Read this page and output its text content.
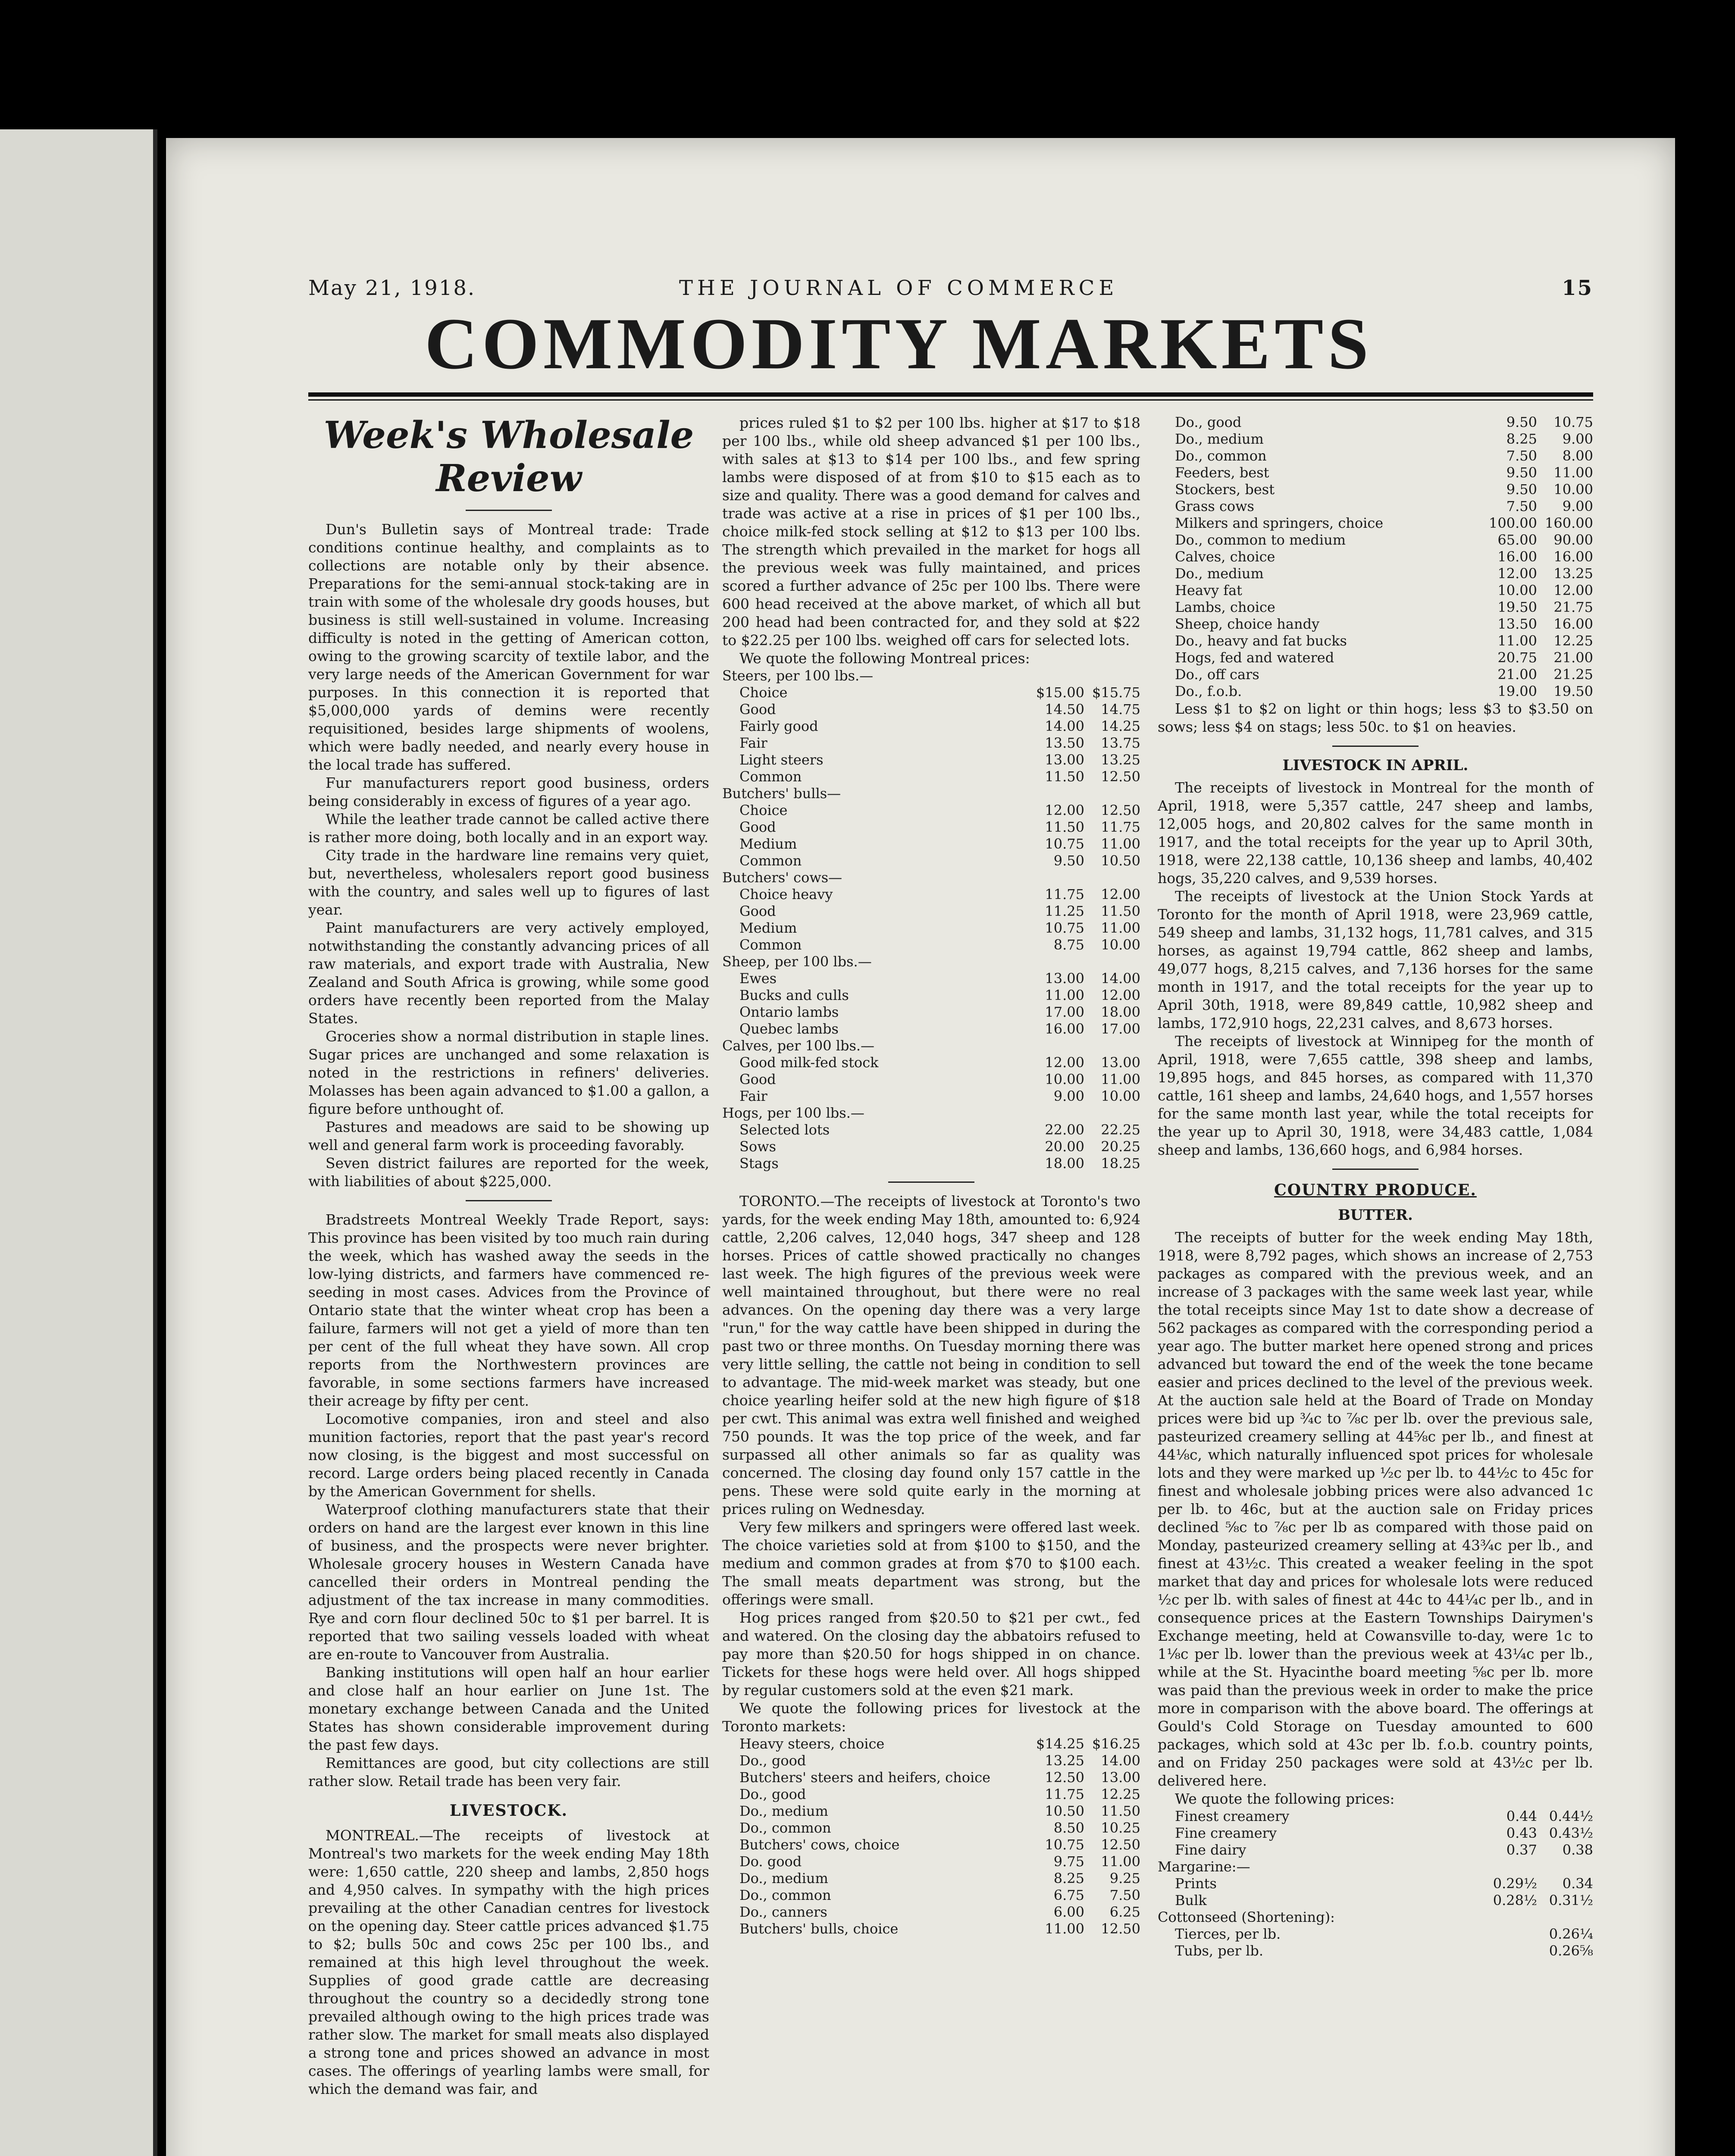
May 21, 1918.	THE JOURNAL OF COMMERCE	15
COMMODITY MARKETS
Week's Wholesale Review

Dun's Bulletin says of Montreal trade: Trade conditions continue healthy, and complaints as to collections are notable only by their absence. Preparations for the semi-annual stock-taking are in train with some of the wholesale dry goods houses, but business is still well-sustained in volume. Increasing difficulty is noted in the getting of American cotton, owing to the growing scarcity of textile labor, and the very large needs of the American Government for war purposes. In this connection it is reported that $5,000,000 yards of demins were recently requisitioned, besides large shipments of woolens, which were badly needed, and nearly every house in the local trade has suffered.

Fur manufacturers report good business, orders being considerably in excess of figures of a year ago.

While the leather trade cannot be called active there is rather more doing, both locally and in an export way.

City trade in the hardware line remains very quiet, but, nevertheless, wholesalers report good business with the country, and sales well up to figures of last year.

Paint manufacturers are very actively employed, notwithstanding the constantly advancing prices of all raw materials, and export trade with Australia, New Zealand and South Africa is growing, while some good orders have recently been reported from the Malay States.

Groceries show a normal distribution in staple lines. Sugar prices are unchanged and some relaxation is noted in the restrictions in refiners' deliveries. Molasses has been again advanced to $1.00 a gallon, a figure before unthought of.

Pastures and meadows are said to be showing up well and general farm work is proceeding favorably.

Seven district failures are reported for the week, with liabilities of about $225,000.

Bradstreets Montreal Weekly Trade Report, says: This province has been visited by too much rain during the week, which has washed away the seeds in the low-lying districts, and farmers have commenced re-seeding in most cases. Advices from the Province of Ontario state that the winter wheat crop has been a failure, farmers will not get a yield of more than ten per cent of the full wheat they have sown. All crop reports from the Northwestern provinces are favorable, in some sections farmers have increased their acreage by fifty per cent.

Locomotive companies, iron and steel and also munition factories, report that the past year's record now closing, is the biggest and most successful on record. Large orders being placed recently in Canada by the American Government for shells.

Waterproof clothing manufacturers state that their orders on hand are the largest ever known in this line of business, and the prospects were never brighter. Wholesale grocery houses in Western Canada have cancelled their orders in Montreal pending the adjustment of the tax increase in many commodities. Rye and corn flour declined 50c to $1 per barrel. It is reported that two sailing vessels loaded with wheat are en-route to Vancouver from Australia.

Banking institutions will open half an hour earlier and close half an hour earlier on June 1st. The monetary exchange between Canada and the United States has shown considerable improvement during the past few days.

Remittances are good, but city collections are still rather slow. Retail trade has been very fair.

LIVESTOCK.

MONTREAL.—The receipts of livestock at Montreal's two markets for the week ending May 18th were: 1,650 cattle, 220 sheep and lambs, 2,850 hogs and 4,950 calves. In sympathy with the high prices prevailing at the other Canadian centres for livestock on the opening day. Steer cattle prices advanced $1.75 to $2; bulls 50c and cows 25c per 100 lbs., and remained at this high level throughout the week. Supplies of good grade cattle are decreasing throughout the country so a decidedly strong tone prevailed although owing to the high prices trade was rather slow. The market for small meats also displayed a strong tone and prices showed an advance in most cases. The offerings of yearling lambs were small, for which the demand was fair, and

prices ruled $1 to $2 per 100 lbs. higher at $17 to $18 per 100 lbs., while old sheep advanced $1 per 100 lbs., with sales at $13 to $14 per 100 lbs., and few spring lambs were disposed of at from $10 to $15 each as to size and quality. There was a good demand for calves and trade was active at a rise in prices of $1 per 100 lbs., choice milk-fed stock selling at $12 to $13 per 100 lbs. The strength which prevailed in the market for hogs all the previous week was fully maintained, and prices scored a further advance of 25c per 100 lbs. There were 600 head received at the above market, of which all but 200 head had been contracted for, and they sold at $22 to $22.25 per 100 lbs. weighed off cars for selected lots.

We quote the following Montreal prices:

Steers, per 100 lbs.—		
Choice	$15.00	$15.75
Good	14.50	14.75
Fairly good	14.00	14.25
Fair	13.50	13.75
Light steers	13.00	13.25
Common	11.50	12.50
Butchers' bulls—		
Choice	12.00	12.50
Good	11.50	11.75
Medium	10.75	11.00
Common	9.50	10.50
Butchers' cows—		
Choice heavy	11.75	12.00
Good	11.25	11.50
Medium	10.75	11.00
Common	8.75	10.00
Sheep, per 100 lbs.—		
Ewes	13.00	14.00
Bucks and culls	11.00	12.00
Ontario lambs	17.00	18.00
Quebec lambs	16.00	17.00
Calves, per 100 lbs.—		
Good milk-fed stock	12.00	13.00
Good	10.00	11.00
Fair	9.00	10.00
Hogs, per 100 lbs.—		
Selected lots	22.00	22.25
Sows	20.00	20.25
Stags	18.00	18.25

TORONTO.—The receipts of livestock at Toronto's two yards, for the week ending May 18th, amounted to: 6,924 cattle, 2,206 calves, 12,040 hogs, 347 sheep and 128 horses. Prices of cattle showed practically no changes last week. The high figures of the previous week were well maintained throughout, but there were no real advances. On the opening day there was a very large "run," for the way cattle have been shipped in during the past two or three months. On Tuesday morning there was very little selling, the cattle not being in condition to sell to advantage. The mid-week market was steady, but one choice yearling heifer sold at the new high figure of $18 per cwt. This animal was extra well finished and weighed 750 pounds. It was the top price of the week, and far surpassed all other animals so far as quality was concerned. The closing day found only 157 cattle in the pens. These were sold quite early in the morning at prices ruling on Wednesday.

Very few milkers and springers were offered last week. The choice varieties sold at from $100 to $150, and the medium and common grades at from $70 to $100 each. The small meats department was strong, but the offerings were small.

Hog prices ranged from $20.50 to $21 per cwt., fed and watered. On the closing day the abbatoirs refused to pay more than $20.50 for hogs shipped in on chance. Tickets for these hogs were held over. All hogs shipped by regular customers sold at the even $21 mark.

We quote the following prices for livestock at the Toronto markets:

Heavy steers, choice	$14.25	$16.25
Do., good	13.25	14.00
Butchers' steers and heifers, choice	12.50	13.00
Do., good	11.75	12.25
Do., medium	10.50	11.50
Do., common	8.50	10.25
Butchers' cows, choice	10.75	12.50
Do. good	9.75	11.00
Do., medium	8.25	9.25
Do., common	6.75	7.50
Do., canners	6.00	6.25
Butchers' bulls, choice	11.00	12.50
Do., good	9.50	10.75
Do., medium	8.25	9.00
Do., common	7.50	8.00
Feeders, best	9.50	11.00
Stockers, best	9.50	10.00
Grass cows	7.50	9.00
Milkers and springers, choice	100.00	160.00
Do., common to medium	65.00	90.00
Calves, choice	16.00	16.00
Do., medium	12.00	13.25
Heavy fat	10.00	12.00
Lambs, choice	19.50	21.75
Sheep, choice handy	13.50	16.00
Do., heavy and fat bucks	11.00	12.25
Hogs, fed and watered	20.75	21.00
Do., off cars	21.00	21.25
Do., f.o.b.	19.00	19.50

Less $1 to $2 on light or thin hogs; less $3 to $3.50 on sows; less $4 on stags; less 50c. to $1 on heavies.

LIVESTOCK IN APRIL.

The receipts of livestock in Montreal for the month of April, 1918, were 5,357 cattle, 247 sheep and lambs, 12,005 hogs, and 20,802 calves for the same month in 1917, and the total receipts for the year up to April 30th, 1918, were 22,138 cattle, 10,136 sheep and lambs, 40,402 hogs, 35,220 calves, and 9,539 horses.

The receipts of livestock at the Union Stock Yards at Toronto for the month of April 1918, were 23,969 cattle, 549 sheep and lambs, 31,132 hogs, 11,781 calves, and 315 horses, as against 19,794 cattle, 862 sheep and lambs, 49,077 hogs, 8,215 calves, and 7,136 horses for the same month in 1917, and the total receipts for the year up to April 30th, 1918, were 89,849 cattle, 10,982 sheep and lambs, 172,910 hogs, 22,231 calves, and 8,673 horses.

The receipts of livestock at Winnipeg for the month of April, 1918, were 7,655 cattle, 398 sheep and lambs, 19,895 hogs, and 845 horses, as compared with 11,370 cattle, 161 sheep and lambs, 24,640 hogs, and 1,557 horses for the same month last year, while the total receipts for the year up to April 30, 1918, were 34,483 cattle, 1,084 sheep and lambs, 136,660 hogs, and 6,984 horses.

COUNTRY PRODUCE.
BUTTER.

The receipts of butter for the week ending May 18th, 1918, were 8,792 pages, which shows an increase of 2,753 packages as compared with the previous week, and an increase of 3 packages with the same week last year, while the total receipts since May 1st to date show a decrease of 562 packages as compared with the corresponding period a year ago. The butter market here opened strong and prices advanced but toward the end of the week the tone became easier and prices declined to the level of the previous week. At the auction sale held at the Board of Trade on Monday prices were bid up ¾c to ⅞c per lb. over the previous sale, pasteurized creamery selling at 44⅝c per lb., and finest at 44⅛c, which naturally influenced spot prices for wholesale lots and they were marked up ½c per lb. to 44½c to 45c for finest and wholesale jobbing prices were also advanced 1c per lb. to 46c, but at the auction sale on Friday prices declined ⅝c to ⅞c per lb as compared with those paid on Monday, pasteurized creamery selling at 43¾c per lb., and finest at 43½c. This created a weaker feeling in the spot market that day and prices for wholesale lots were reduced ½c per lb. with sales of finest at 44c to 44¼c per lb., and in consequence prices at the Eastern Townships Dairymen's Exchange meeting, held at Cowansville to-day, were 1c to 1⅛c per lb. lower than the previous week at 43¼c per lb., while at the St. Hyacinthe board meeting ⅝c per lb. more was paid than the previous week in order to make the price more in comparison with the above board. The offerings at Gould's Cold Storage on Tuesday amounted to 600 packages, which sold at 43c per lb. f.o.b. country points, and on Friday 250 packages were sold at 43½c per lb. delivered here.

We quote the following prices:

Finest creamery	0.44	0.44½
Fine creamery	0.43	0.43½
Fine dairy	0.37	0.38
Margarine:—		
Prints	0.29½	0.34
Bulk	0.28½	0.31½
Cottonseed (Shortening):		
Tierces, per lb.		0.26¼
Tubs, per lb.		0.26⅝
